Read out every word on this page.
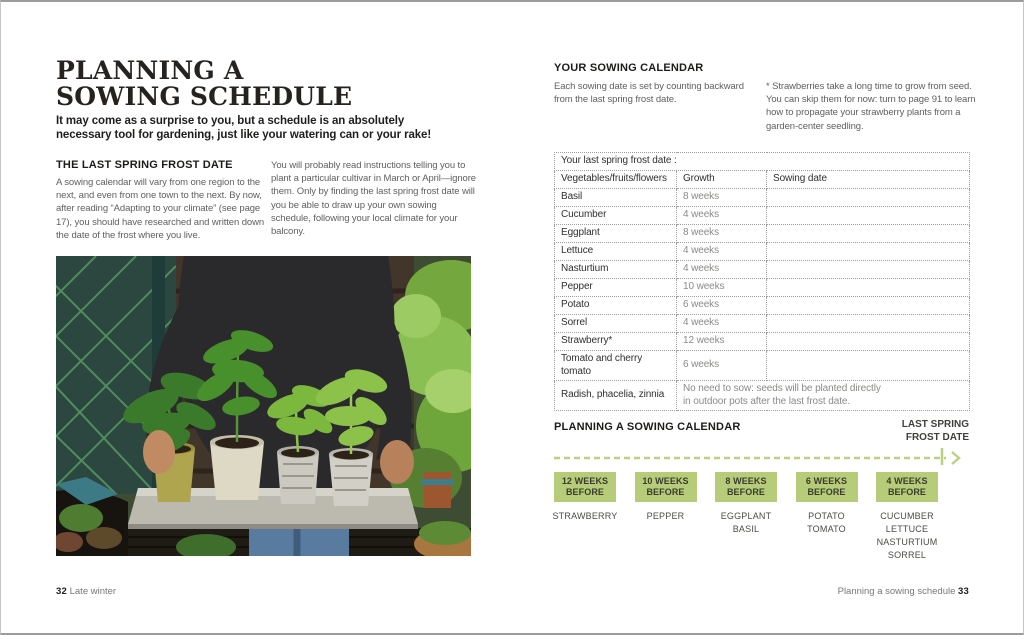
PLANNING A
SOWING SCHEDULE
It may come as a surprise to you, but a schedule is an absolutely
necessary tool for gardening, just like your watering can or your rake!
THE LAST SPRING FROST DATE
A sowing calendar will vary from one region to the next, and even from one town to the next. By now, after reading “Adapting to your climate” (see page 17), you should have researched and written down the date of the frost where you live.
You will probably read instructions telling you to plant a particular cultivar in March or April—ignore them. Only by finding the last spring frost date will you be able to draw up your own sowing schedule, following your local climate for your balcony.
32 Late winter
YOUR SOWING CALENDAR
Each sowing date is set by counting backward from the last spring frost date.
* Strawberries take a long time to grow from seed. You can skip them for now: turn to page 91 to learn how to propagate your strawberry plants from a garden-center seedling.
Your last spring frost date :		
Vegetables/fruits/flowers	Growth	Sowing date
Basil	8 weeks	
Cucumber	4 weeks	
Eggplant	8 weeks	
Lettuce	4 weeks	
Nasturtium	4 weeks	
Pepper	10 weeks	
Potato	6 weeks	
Sorrel	4 weeks	
Strawberry*	12 weeks	
Tomato and cherry tomato	6 weeks	
Radish, phacelia, zinnia	No need to sow: seeds will be planted directly
in outdoor pots after the last frost date.	
PLANNING A SOWING CALENDAR	LAST SPRING
FROST DATE
12 WEEKS
BEFORE
STRAWBERRY
10 WEEKS
BEFORE
PEPPER
8 WEEKS
BEFORE
EGGPLANT
BASIL
6 WEEKS
BEFORE
POTATO
TOMATO
4 WEEKS
BEFORE
CUCUMBER
LETTUCE
NASTURTIUM
SORREL
Planning a sowing schedule 33
